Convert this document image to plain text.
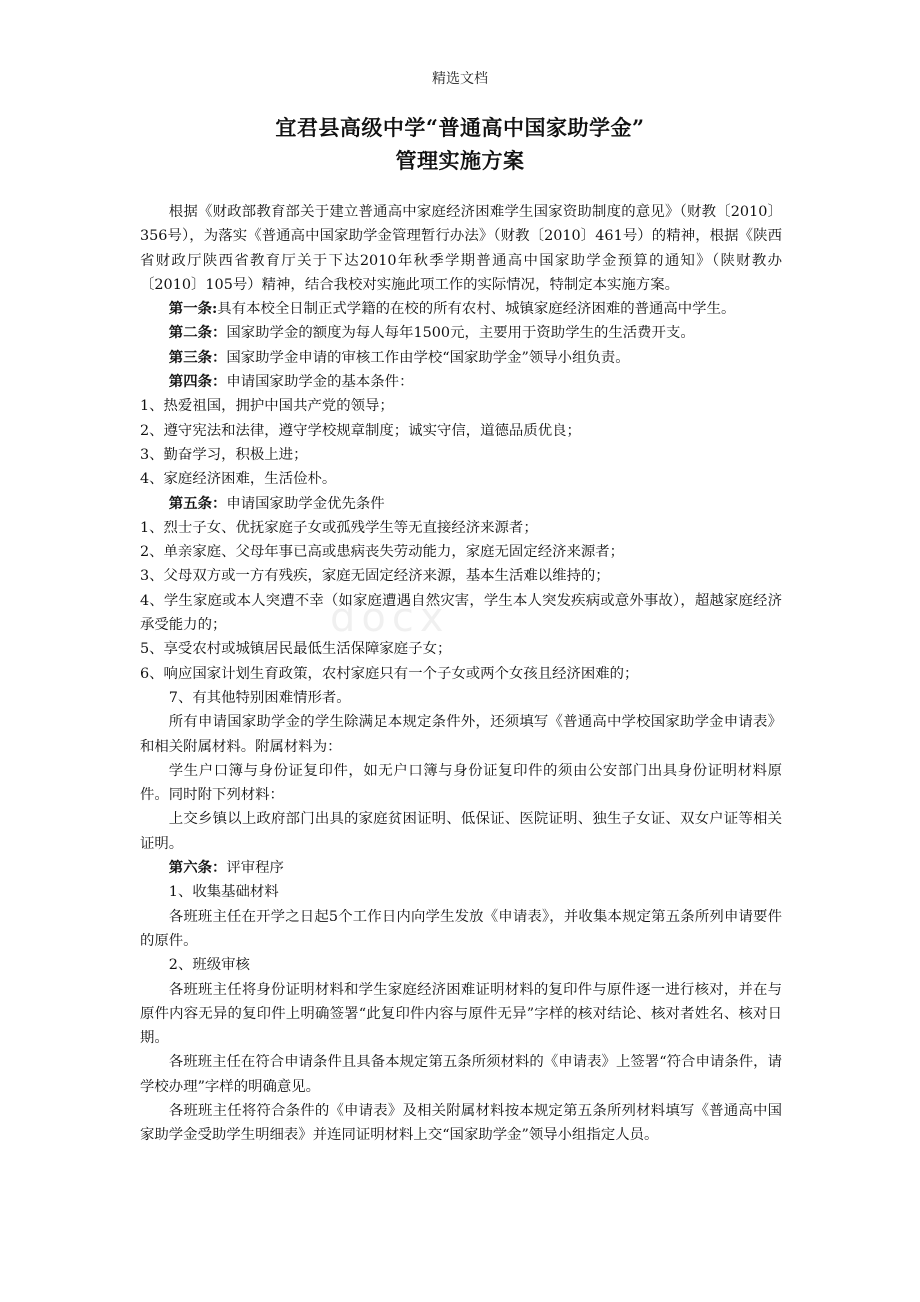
精选文档
宜君县高级中学“普通高中国家助学金”
管理实施方案
docx

根据《财政部教育部关于建立普通高中家庭经济困难学生国家资助制度的意见》（财教〔2010〕356号），为落实《普通高中国家助学金管理暂行办法》（财教〔2010〕461号）的精神，根据《陕西省财政厅陕西省教育厅关于下达2010年秋季学期普通高中国家助学金预算的通知》（陕财教办〔2010〕105号）精神，结合我校对实施此项工作的实际情况，特制定本实施方案。

第一条:具有本校全日制正式学籍的在校的所有农村、城镇家庭经济困难的普通高中学生。

第二条：国家助学金的额度为每人每年1500元，主要用于资助学生的生活费开支。

第三条：国家助学金申请的审核工作由学校“国家助学金”领导小组负责。

第四条：申请国家助学金的基本条件：

1、热爱祖国，拥护中国共产党的领导；

2、遵守宪法和法律，遵守学校规章制度；诚实守信，道德品质优良；

3、勤奋学习，积极上进；

4、家庭经济困难，生活俭朴。

第五条：申请国家助学金优先条件

1、烈士子女、优抚家庭子女或孤残学生等无直接经济来源者；

2、单亲家庭、父母年事已高或患病丧失劳动能力，家庭无固定经济来源者；

3、父母双方或一方有残疾，家庭无固定经济来源，基本生活难以维持的；

4、学生家庭或本人突遭不幸（如家庭遭遇自然灾害，学生本人突发疾病或意外事故），超越家庭经济承受能力的；

5、享受农村或城镇居民最低生活保障家庭子女；

6、响应国家计划生育政策，农村家庭只有一个子女或两个女孩且经济困难的；

7、有其他特别困难情形者。

所有申请国家助学金的学生除满足本规定条件外，还须填写《普通高中学校国家助学金申请表》和相关附属材料。附属材料为：

学生户口簿与身份证复印件，如无户口簿与身份证复印件的须由公安部门出具身份证明材料原件。同时附下列材料：

上交乡镇以上政府部门出具的家庭贫困证明、低保证、医院证明、独生子女证、双女户证等相关证明。

第六条：评审程序

1、收集基础材料

各班班主任在开学之日起5个工作日内向学生发放《申请表》，并收集本规定第五条所列申请要件的原件。

2、班级审核

各班班主任将身份证明材料和学生家庭经济困难证明材料的复印件与原件逐一进行核对，并在与原件内容无异的复印件上明确签署“此复印件内容与原件无异”字样的核对结论、核对者姓名、核对日期。

各班班主任在符合申请条件且具备本规定第五条所须材料的《申请表》上签署“符合申请条件，请学校办理”字样的明确意见。

各班班主任将符合条件的《申请表》及相关附属材料按本规定第五条所列材料填写《普通高中国家助学金受助学生明细表》并连同证明材料上交“国家助学金”领导小组指定人员。
